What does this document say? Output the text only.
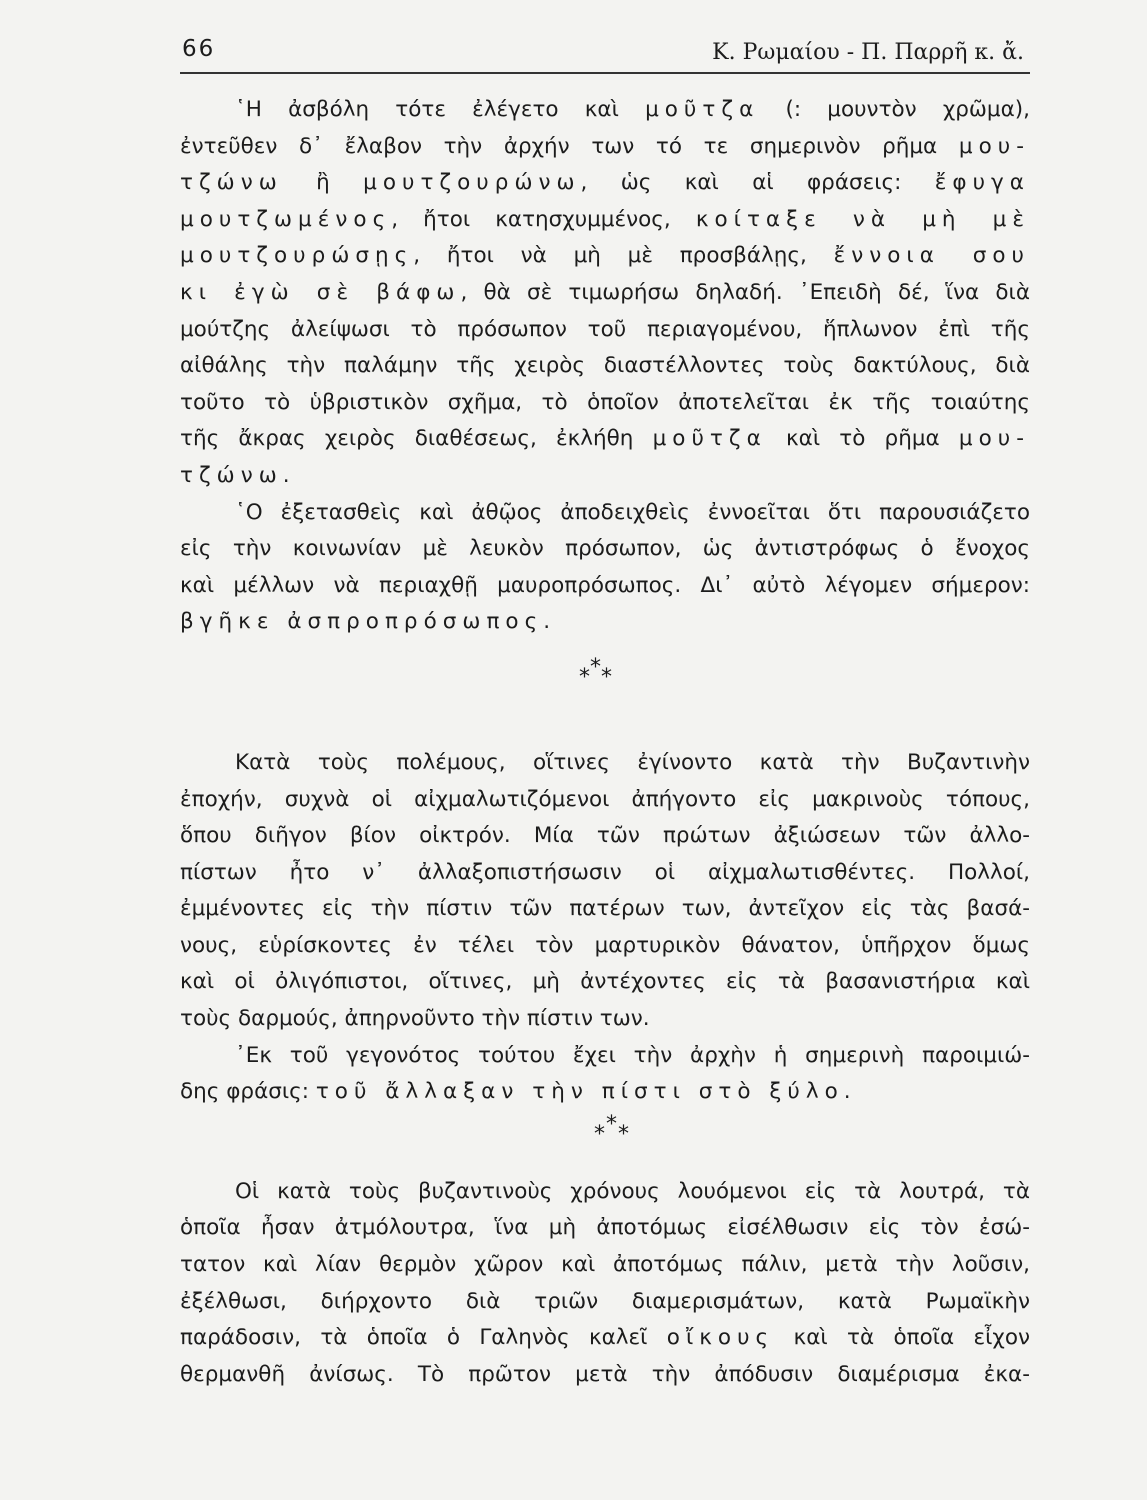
66	Κ. Ρωμαίου - Π. Παρρῆ κ. ἄ.
῾Η ἀσβόλη τότε ἐλέγετο καὶ μοῦτζα (: μουντὸν χρῶμα),
ἐντεῦθεν δ᾽ ἔλαβον τὴν ἀρχήν των τό τε σημερινὸν ρῆμα μου-
τζώνω ἢ μουτζουρώνω, ὡς καὶ αἱ φράσεις: ἔφυγα
μουτζωμένος, ἤτοι κατησχυμμένος, κοίταξε νὰ μὴ μὲ
μουτζουρώσῃς, ἤτοι νὰ μὴ μὲ προσβάλῃς, ἔννοια σου
κι ἐγὼ σὲ βάφω, θὰ σὲ τιμωρήσω δηλαδή. ᾿Επειδὴ δέ, ἵνα διὰ
μούτζης ἀλείψωσι τὸ πρόσωπον τοῦ περιαγομένου, ἥπλωνον ἐπὶ τῆς
αἰθάλης τὴν παλάμην τῆς χειρὸς διαστέλλοντες τοὺς δακτύλους, διὰ
τοῦτο τὸ ὑβριστικὸν σχῆμα, τὸ ὁποῖον ἀποτελεῖται ἐκ τῆς τοιαύτης
τῆς ἄκρας χειρὸς διαθέσεως, ἐκλήθη μοῦτζα καὶ τὸ ρῆμα μου-
τζώνω.
῾Ο ἐξετασθεὶς καὶ ἀθῷος ἀποδειχθεὶς ἐννοεῖται ὅτι παρουσιάζετο
εἰς τὴν κοινωνίαν μὲ λευκὸν πρόσωπον, ὡς ἀντιστρόφως ὁ ἔνοχος
καὶ μέλλων νὰ περιαχθῇ μαυροπρόσωπος. Δι᾽ αὐτὸ λέγομεν σήμερον:
βγῆκε ἀσπροπρόσωπος.
*
* *
Κατὰ τοὺς πολέμους, οἵτινες ἐγίνοντο κατὰ τὴν Βυζαντινὴν
ἐποχήν, συχνὰ οἱ αἰχμαλωτιζόμενοι ἀπήγοντο εἰς μακρινοὺς τόπους,
ὅπου διῆγον βίον οἰκτρόν. Μία τῶν πρώτων ἀξιώσεων τῶν ἀλλο-
πίστων ἦτο ν᾽ ἀλλαξοπιστήσωσιν οἱ αἰχμαλωτισθέντες. Πολλοί,
ἐμμένοντες εἰς τὴν πίστιν τῶν πατέρων των, ἀντεῖχον εἰς τὰς βασά-
νους, εὑρίσκοντες ἐν τέλει τὸν μαρτυρικὸν θάνατον, ὑπῆρχον ὅμως
καὶ οἱ ὀλιγόπιστοι, οἵτινες, μὴ ἀντέχοντες εἰς τὰ βασανιστήρια καὶ
τοὺς δαρμούς, ἀπηρνοῦντο τὴν πίστιν των.
᾿Εκ τοῦ γεγονότος τούτου ἔχει τὴν ἀρχὴν ἡ σημερινὴ παροιμιώ-
δης φράσις: τοῦ ἄλλαξαν τὴν πίστι στὸ ξύλο.
*
* *
Οἱ κατὰ τοὺς βυζαντινοὺς χρόνους λουόμενοι εἰς τὰ λουτρά, τὰ
ὁποῖα ἦσαν ἀτμόλουτρα, ἵνα μὴ ἀποτόμως εἰσέλθωσιν εἰς τὸν ἐσώ-
τατον καὶ λίαν θερμὸν χῶρον καὶ ἀποτόμως πάλιν, μετὰ τὴν λοῦσιν,
ἐξέλθωσι, διήρχοντο διὰ τριῶν διαμερισμάτων, κατὰ Ρωμαϊκὴν
παράδοσιν, τὰ ὁποῖα ὁ Γαληνὸς καλεῖ οἴκους καὶ τὰ ὁποῖα εἶχον
θερμανθῆ ἀνίσως. Τὸ πρῶτον μετὰ τὴν ἀπόδυσιν διαμέρισμα ἐκα-
